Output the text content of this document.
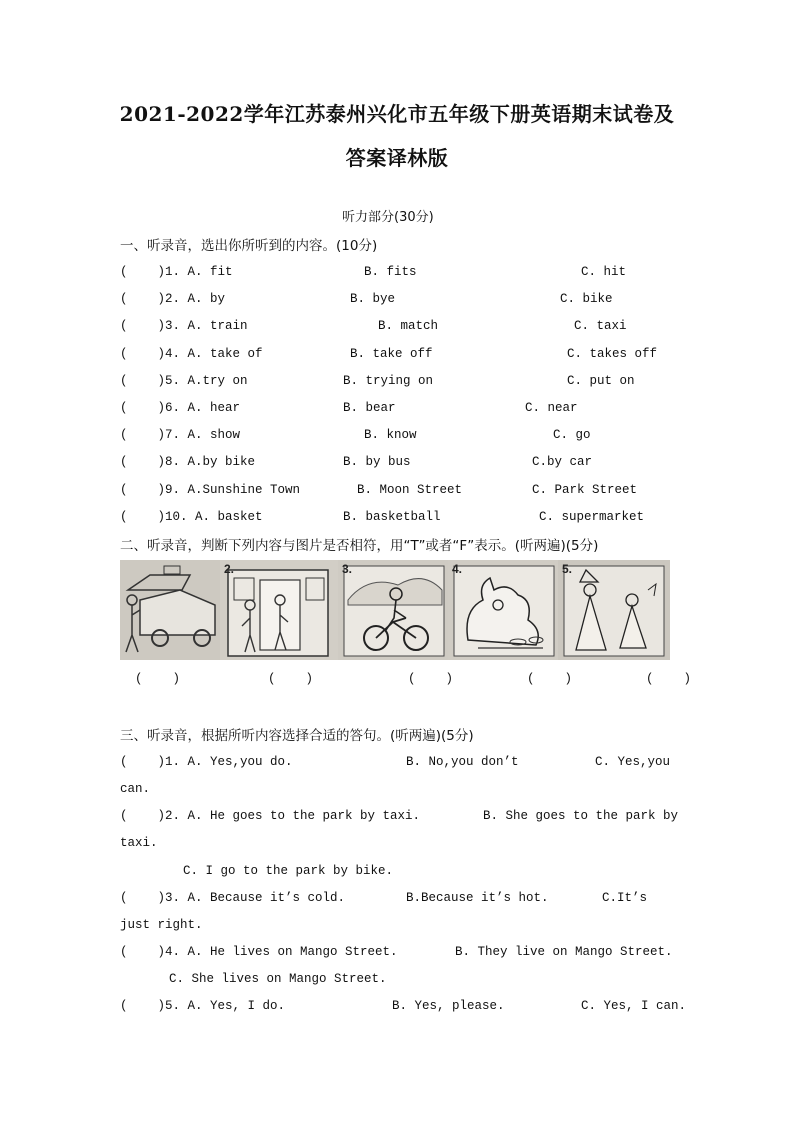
2021-2022学年江苏泰州兴化市五年级下册英语期末试卷及
答案译林版
听力部分(30分)
一、听录音，选出你所听到的内容。(10分)
(    )1. A. fit	B. fits	C. hit
(    )2. A. by	B. bye	C. bike
(    )3. A. train	B. match	C. taxi
(    )4. A. take of	B. take off	C. takes off
(    )5. A.try on	B. trying on	C. put on
(    )6. A. hear	B. bear	C. near
(    )7. A. show	B. know	C. go
(    )8. A.by bike	B. by bus	C.by car
(    )9. A.Sunshine Town	B. Moon Street	C. Park Street
(    )10. A. basket	B. basketball	C. supermarket
二、听录音，判断下列内容与图片是否相符，用“T”或者“F”表示。(听两遍)(5分)
2.	3.	4.	5.
(    )	(    )	(    )	(    )	(    )
三、听录音，根据所听内容选择合适的答句。(听两遍)(5分)
(    )1. A. Yes,you do.	B. No,you don’t	C. Yes,you
can.
(    )2. A. He goes to the park by taxi.	B. She goes to the park by
taxi.
C. I go to the park by bike.
(    )3. A. Because it’s cold.	B.Because it’s hot.	C.It’s
just right.
(    )4. A. He lives on Mango Street.	B. They live on Mango Street.
C. She lives on Mango Street.
(    )5. A. Yes, I do.	B. Yes, please.	C. Yes, I can.
